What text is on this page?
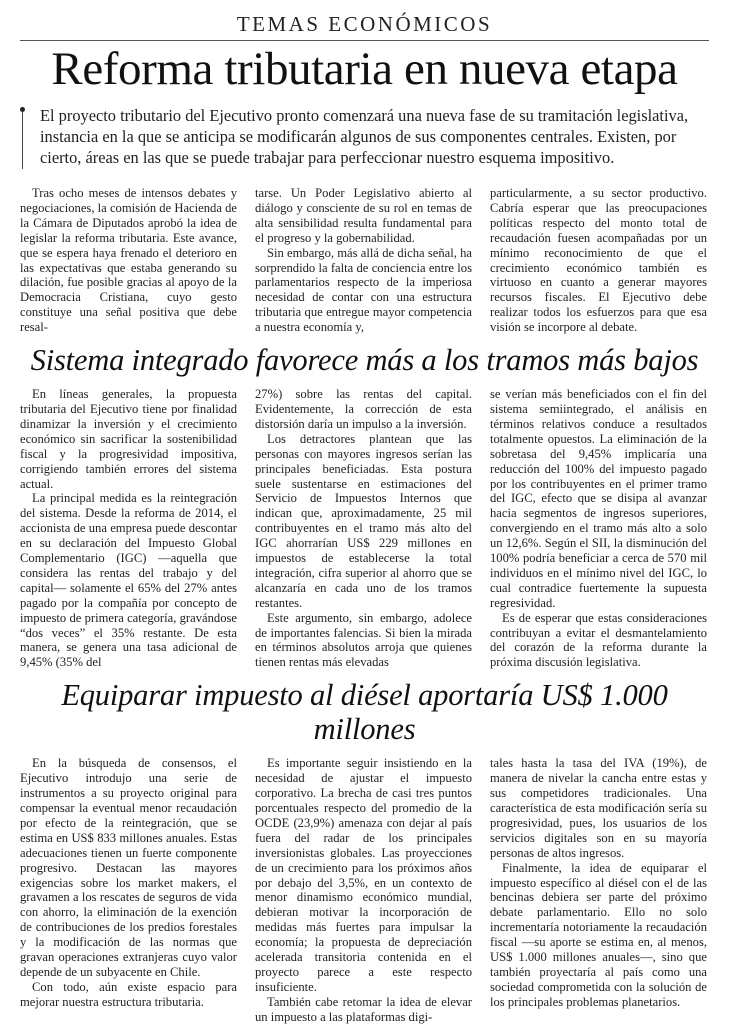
TEMAS ECONÓMICOS
Reforma tributaria en nueva etapa
El proyecto tributario del Ejecutivo pronto comenzará una nueva fase de su tramitación legislativa, instancia en la que se anticipa se modificarán algunos de sus componentes centrales. Existen, por cierto, áreas en las que se puede trabajar para perfeccionar nuestro esquema impositivo.

Tras ocho meses de intensos debates y negociaciones, la comisión de Hacienda de la Cámara de Diputados aprobó la idea de legislar la reforma tributaria. Este avance, que se espera haya frenado el deterioro en las expectativas que estaba generando su dilación, fue posible gracias al apoyo de la Democracia Cristiana, cuyo gesto constituye una señal positiva que debe resal-

tarse. Un Poder Legislativo abierto al diálogo y consciente de su rol en temas de alta sensibilidad resulta fundamental para el progreso y la gobernabilidad.

Sin embargo, más allá de dicha señal, ha sorprendido la falta de conciencia entre los parlamentarios respecto de la imperiosa necesidad de contar con una estructura tributaria que entregue mayor competencia a nuestra economía y,

particularmente, a su sector productivo. Cabría esperar que las preocupaciones políticas respecto del monto total de recaudación fuesen acompañadas por un mínimo reconocimiento de que el crecimiento económico también es virtuoso en cuanto a generar mayores recursos fiscales. El Ejecutivo debe realizar todos los esfuerzos para que esa visión se incorpore al debate.

Sistema integrado favorece más a los tramos más bajos

En líneas generales, la propuesta tributaria del Ejecutivo tiene por finalidad dinamizar la inversión y el crecimiento económico sin sacrificar la sostenibilidad fiscal y la progresividad impositiva, corrigiendo también errores del sistema actual.

La principal medida es la reintegración del sistema. Desde la reforma de 2014, el accionista de una empresa puede descontar en su declaración del Impuesto Global Complementario (IGC) —aquella que considera las rentas del trabajo y del capital— solamente el 65% del 27% antes pagado por la compañía por concepto de impuesto de primera categoría, gravándose “dos veces” el 35% restante. De esta manera, se genera una tasa adicional de 9,45% (35% del

27%) sobre las rentas del capital. Evidentemente, la corrección de esta distorsión daría un impulso a la inversión.

Los detractores plantean que las personas con mayores ingresos serían las principales beneficiadas. Esta postura suele sustentarse en estimaciones del Servicio de Impuestos Internos que indican que, aproximadamente, 25 mil contribuyentes en el tramo más alto del IGC ahorrarían US$ 229 millones en impuestos de establecerse la total integración, cifra superior al ahorro que se alcanzaría en cada uno de los tramos restantes.

Este argumento, sin embargo, adolece de importantes falencias. Si bien la mirada en términos absolutos arroja que quienes tienen rentas más elevadas

se verían más beneficiados con el fin del sistema semiintegrado, el análisis en términos relativos conduce a resultados totalmente opuestos. La eliminación de la sobretasa del 9,45% implicaría una reducción del 100% del impuesto pagado por los contribuyentes en el primer tramo del IGC, efecto que se disipa al avanzar hacia segmentos de ingresos superiores, convergiendo en el tramo más alto a solo un 12,6%. Según el SII, la disminución del 100% podría beneficiar a cerca de 570 mil individuos en el mínimo nivel del IGC, lo cual contradice fuertemente la supuesta regresividad.

Es de esperar que estas consideraciones contribuyan a evitar el desmantelamiento del corazón de la reforma durante la próxima discusión legislativa.

Equiparar impuesto al diésel aportaría US$ 1.000 millones

En la búsqueda de consensos, el Ejecutivo introdujo una serie de instrumentos a su proyecto original para compensar la eventual menor recaudación por efecto de la reintegración, que se estima en US$ 833 millones anuales. Estas adecuaciones tienen un fuerte componente progresivo. Destacan las mayores exigencias sobre los market makers, el gravamen a los rescates de seguros de vida con ahorro, la eliminación de la exención de contribuciones de los predios forestales y la modificación de las normas que gravan operaciones extranjeras cuyo valor depende de un subyacente en Chile.

Con todo, aún existe espacio para mejorar nuestra estructura tributaria.

Es importante seguir insistiendo en la necesidad de ajustar el impuesto corporativo. La brecha de casi tres puntos porcentuales respecto del promedio de la OCDE (23,9%) amenaza con dejar al país fuera del radar de los principales inversionistas globales. Las proyecciones de un crecimiento para los próximos años por debajo del 3,5%, en un contexto de menor dinamismo económico mundial, debieran motivar la incorporación de medidas más fuertes para impulsar la economía; la propuesta de depreciación acelerada transitoria contenida en el proyecto parece a este respecto insuficiente.

También cabe retomar la idea de elevar un impuesto a las plataformas digi-

tales hasta la tasa del IVA (19%), de manera de nivelar la cancha entre estas y sus competidores tradicionales. Una característica de esta modificación sería su progresividad, pues, los usuarios de los servicios digitales son en su mayoría personas de altos ingresos.

Finalmente, la idea de equiparar el impuesto específico al diésel con el de las bencinas debiera ser parte del próximo debate parlamentario. Ello no solo incrementaría notoriamente la recaudación fiscal —su aporte se estima en, al menos, US$ 1.000 millones anuales—, sino que también proyectaría al país como una sociedad comprometida con la solución de los principales problemas planetarios.
